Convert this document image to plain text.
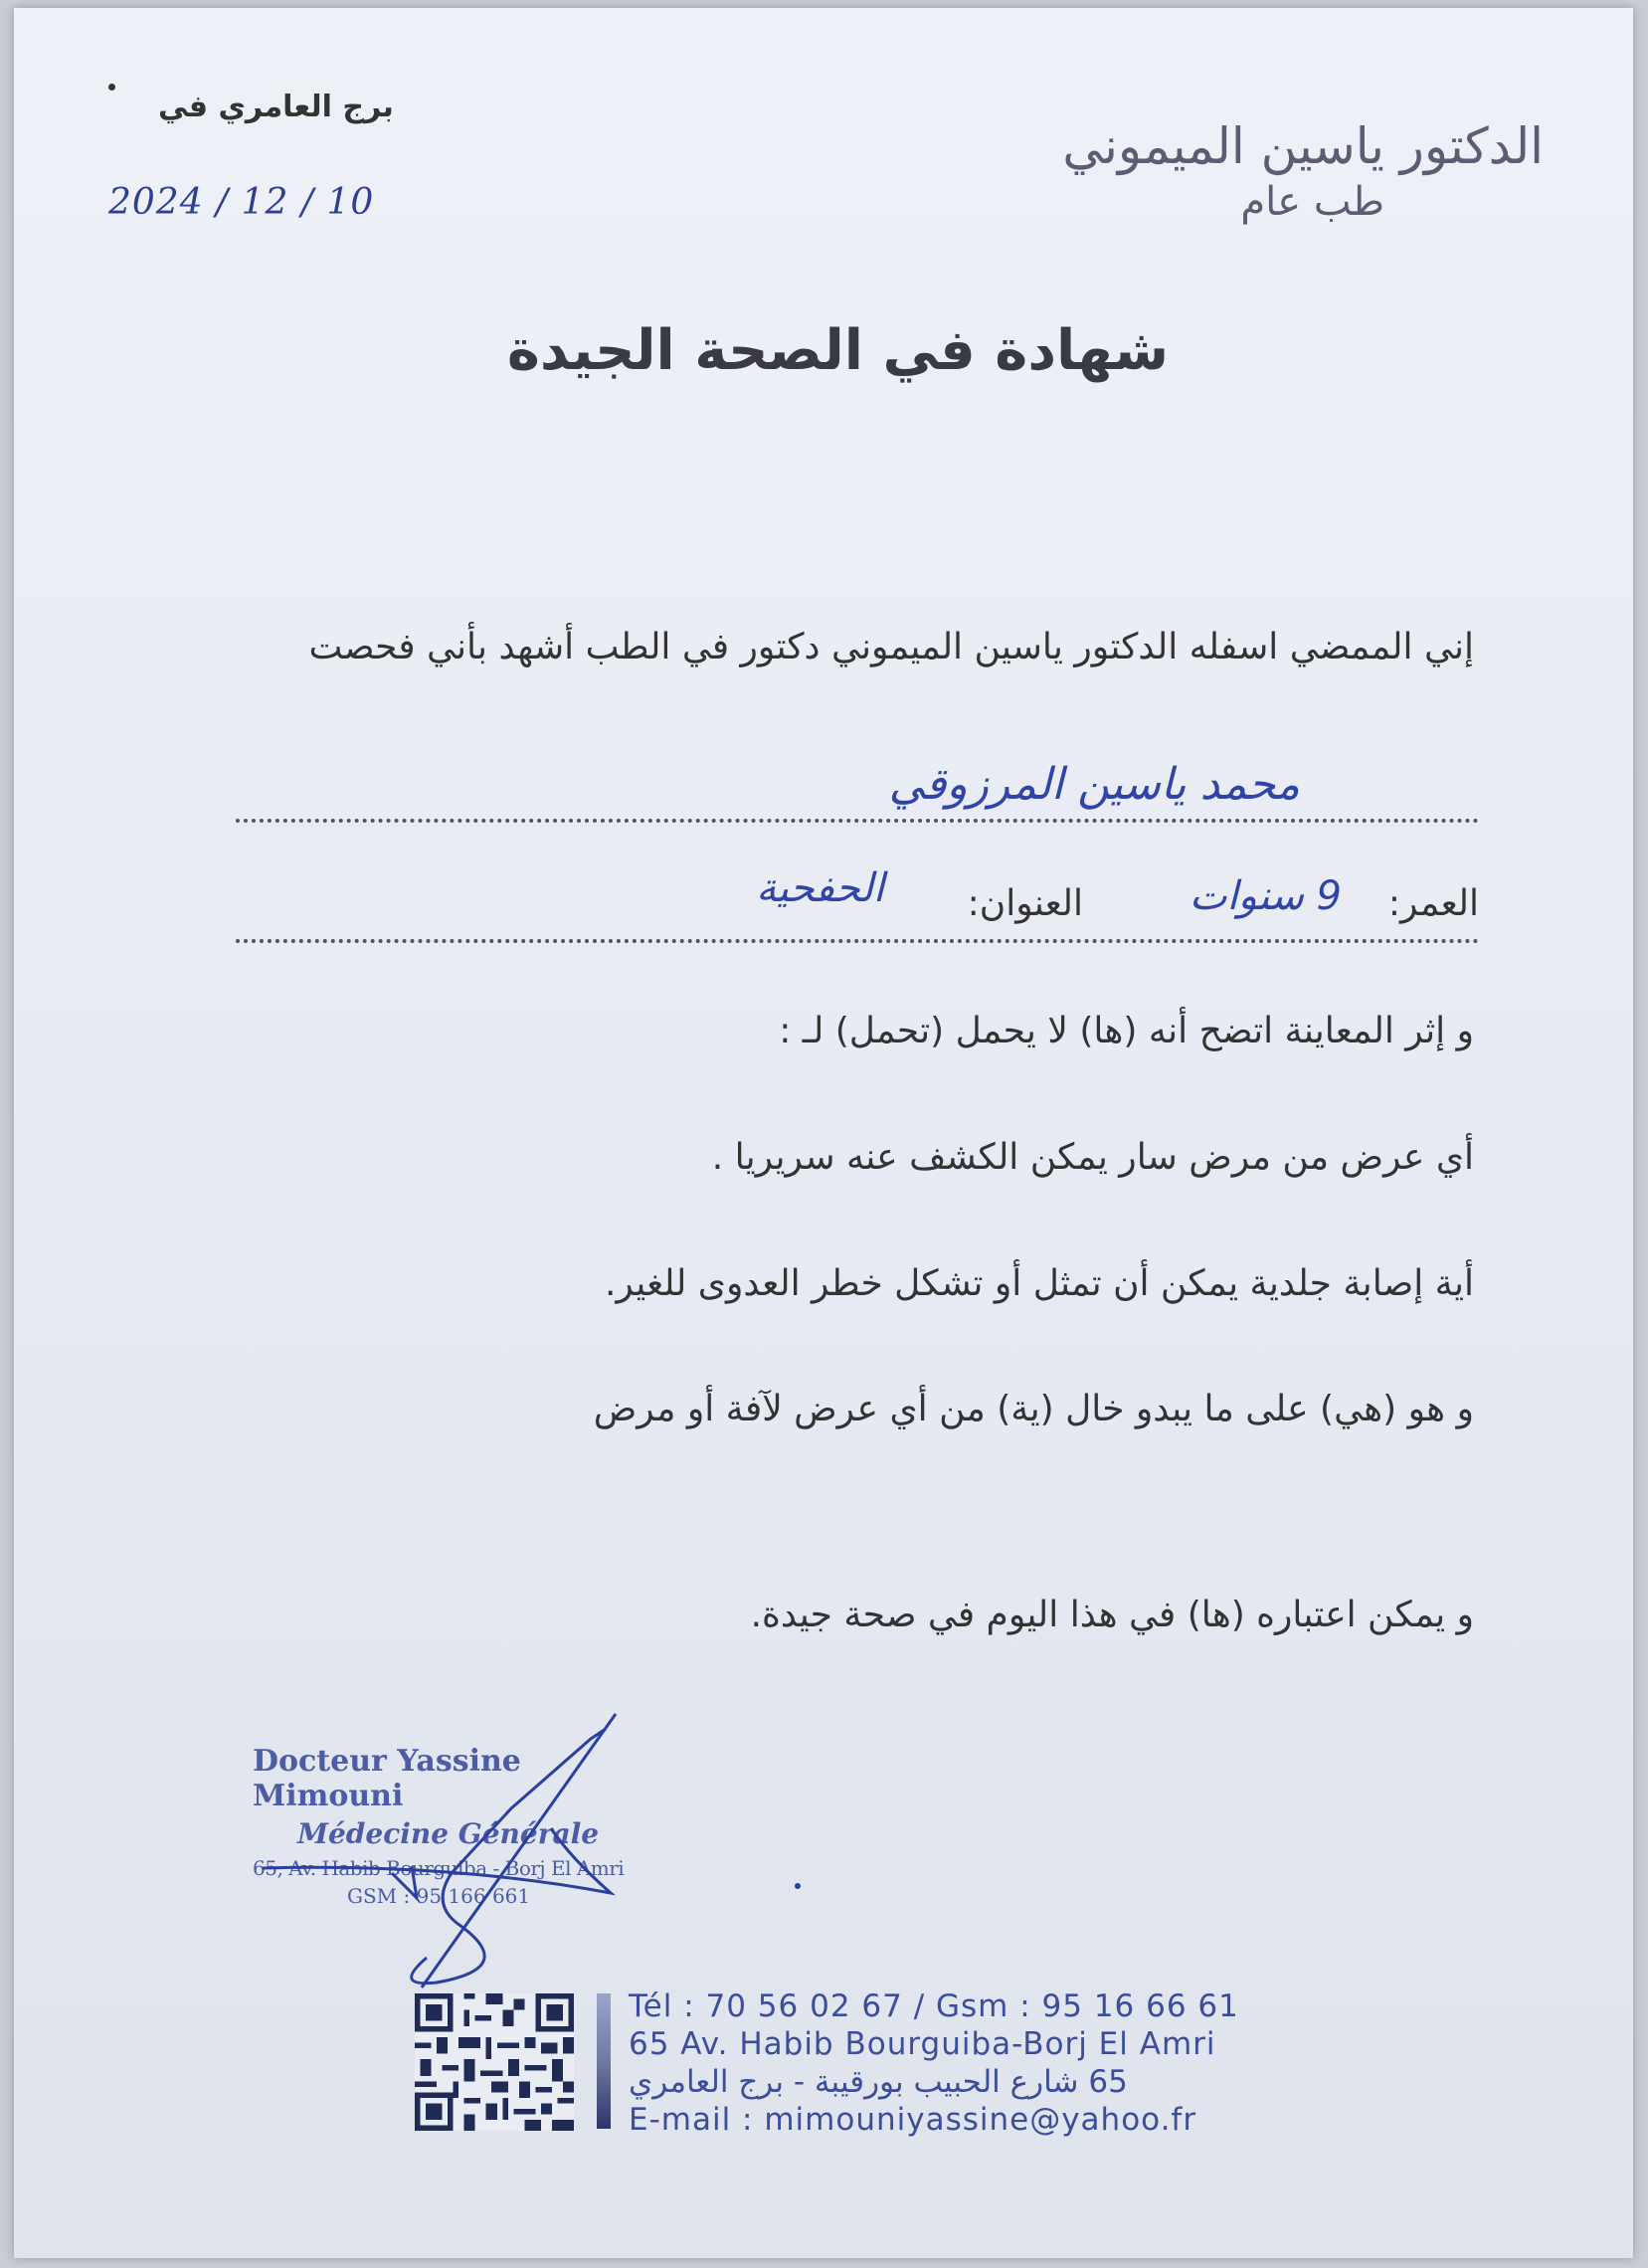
الدكتور ياسين الميموني
طب عام
برج العامري في
2024 / 12 / 10
شهادة في الصحة الجيدة
إني الممضي اسفله الدكتور ياسين الميموني دكتور في الطب أشهد بأني فحصت
محمد ياسين المرزوقي
العمر:
9 سنوات
العنوان:
الحفحية
و إثر المعاينة اتضح أنه (ها) لا يحمل (تحمل) لـ :
أي عرض من مرض سار يمكن الكشف عنه سريريا .
أية إصابة جلدية يمكن أن تمثل أو تشكل خطر العدوى للغير.
و هو (هي) على ما يبدو خال (ية) من أي عرض لآفة أو مرض
و يمكن اعتباره (ها) في هذا اليوم في صحة جيدة.
Docteur Yassine Mimouni
Médecine Générale
65, Av. Habib Bourguiba - Borj El Amri
GSM : 95 166 661
Tél : 70 56 02 67 / Gsm : 95 16 66 61
65 Av. Habib Bourguiba-Borj El Amri
65 شارع الحبيب بورقيبة - برج العامري
E-mail : mimouniyassine@yahoo.fr
